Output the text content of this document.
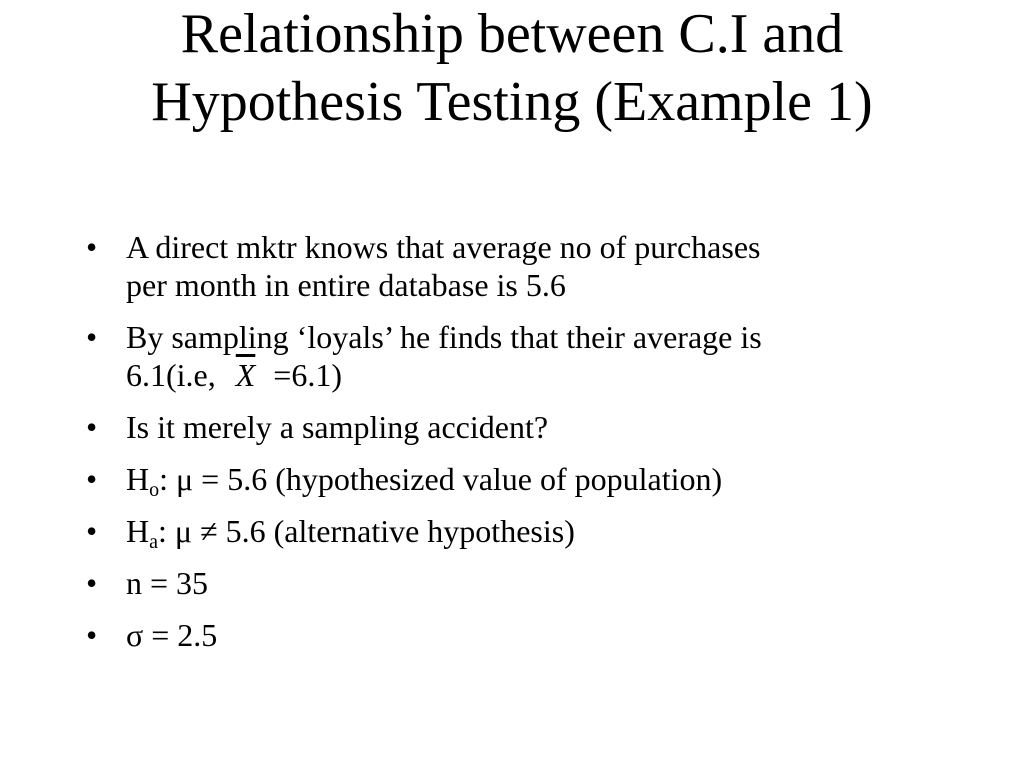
Relationship between C.I and
Hypothesis Testing (Example 1)
• A direct mktr knows that average no of purchases
per month in entire database is 5.6
• By sampling ‘loyals’ he finds that their average is
6.1(i.e, $\overline{X} =6.1$)
• Is it merely a sampling accident?
• $H_o$: μ = 5.6 (hypothesized value of population)
• $H_a$: μ ≠ 5.6 (alternative hypothesis)
• n = 35
• σ = 2.5
